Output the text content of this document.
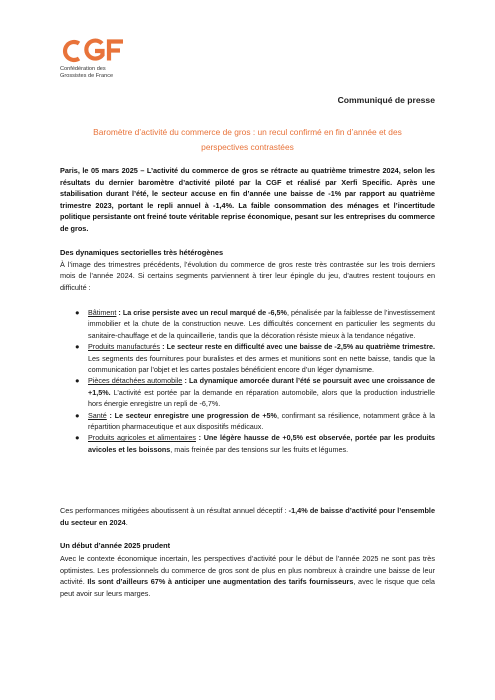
Confédération des
Grossistes de France
Communiqué de presse
Baromètre d’activité du commerce de gros : un recul confirmé en fin d’année et des
perspectives contrastées
Paris, le 05 mars 2025 – L’activité du commerce de gros se rétracte au quatrième trimestre 2024, selon les résultats du dernier baromètre d’activité piloté par la CGF et réalisé par Xerfi Specific. Après une stabilisation durant l’été, le secteur accuse en fin d’année une baisse de -1% par rapport au quatrième trimestre 2023, portant le repli annuel à -1,4%. La faible consommation des ménages et l’incertitude politique persistante ont freiné toute véritable reprise économique, pesant sur les entreprises du commerce de gros.
Des dynamiques sectorielles très hétérogènes
À l’image des trimestres précédents, l’évolution du commerce de gros reste très contrastée sur les trois derniers mois de l’année 2024. Si certains segments parviennent à tirer leur épingle du jeu, d’autres restent toujours en difficulté :
● Bâtiment : La crise persiste avec un recul marqué de -6,5%, pénalisée par la faiblesse de l’investissement immobilier et la chute de la construction neuve. Les difficultés concernent en particulier les segments du sanitaire-chauffage et de la quincaillerie, tandis que la décoration résiste mieux à la tendance négative.
● Produits manufacturés : Le secteur reste en difficulté avec une baisse de -2,5% au quatrième trimestre. Les segments des fournitures pour buralistes et des armes et munitions sont en nette baisse, tandis que la communication par l’objet et les cartes postales bénéficient encore d’un léger dynamisme.
● Pièces détachées automobile : La dynamique amorcée durant l’été se poursuit avec une croissance de +1,5%. L’activité est portée par la demande en réparation automobile, alors que la production industrielle hors énergie enregistre un repli de -6,7%.
● Santé : Le secteur enregistre une progression de +5%, confirmant sa résilience, notamment grâce à la répartition pharmaceutique et aux dispositifs médicaux.
● Produits agricoles et alimentaires : Une légère hausse de +0,5% est observée, portée par les produits avicoles et les boissons, mais freinée par des tensions sur les fruits et légumes.
Ces performances mitigées aboutissent à un résultat annuel déceptif : -1,4% de baisse d’activité pour l’ensemble du secteur en 2024.
Un début d’année 2025 prudent
Avec le contexte économique incertain, les perspectives d’activité pour le début de l’année 2025 ne sont pas très optimistes. Les professionnels du commerce de gros sont de plus en plus nombreux à craindre une baisse de leur activité. Ils sont d’ailleurs 67% à anticiper une augmentation des tarifs fournisseurs, avec le risque que cela peut avoir sur leurs marges.
